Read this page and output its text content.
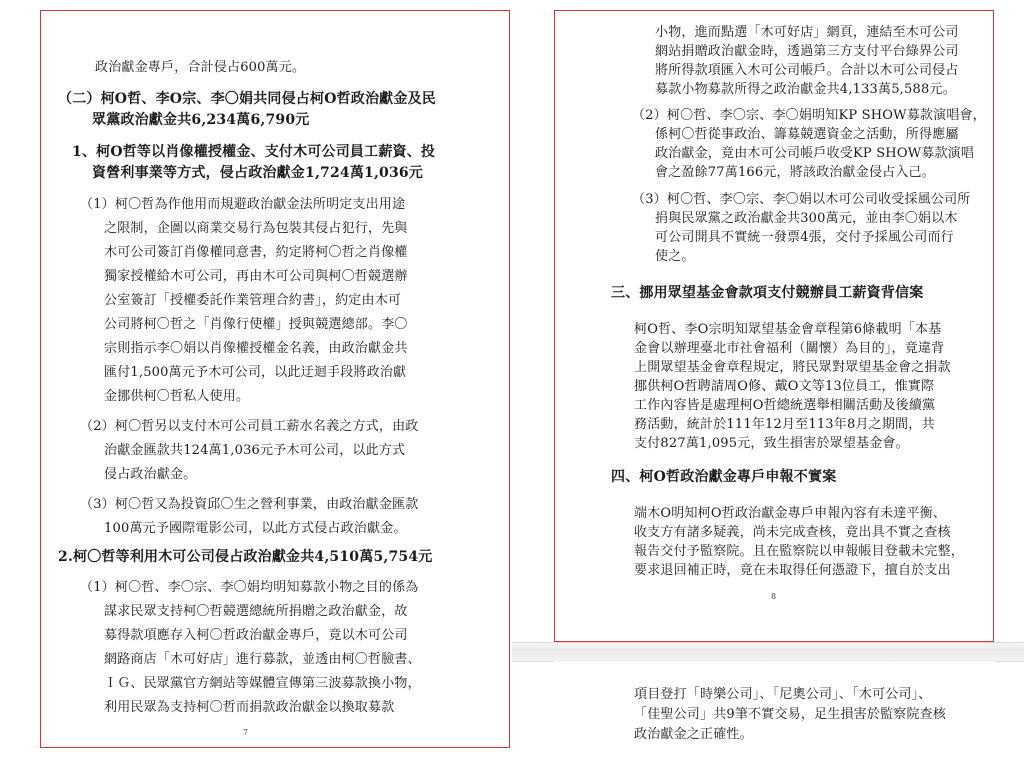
政治獻金專戶，合計侵占600萬元。
（二）柯O哲、李O宗、李〇娟共同侵占柯O哲政治獻金及民
眾黨政治獻金共6,234萬6,790元
1、柯O哲等以肖像權授權金、支付木可公司員工薪資、投
資營利事業等方式，侵占政治獻金1,724萬1,036元
（1）柯〇哲為作他用而規避政治獻金法所明定支出用途
之限制，企圖以商業交易行為包裝其侵占犯行，先與
木可公司簽訂肖像權同意書，約定將柯〇哲之肖像權
獨家授權給木可公司，再由木可公司與柯〇哲競選辦
公室簽訂「授權委託作業管理合約書」，約定由木可
公司將柯〇哲之「肖像行使權」授與競選總部。李〇
宗則指示李〇娟以肖像權授權金名義，由政治獻金共
匯付1,500萬元予木可公司，以此迂迴手段將政治獻
金挪供柯〇哲私人使用。
（2）柯〇哲另以支付木可公司員工薪水名義之方式，由政
治獻金匯款共124萬1,036元予木可公司，以此方式
侵占政治獻金。
（3）柯〇哲又為投資邱〇生之營利事業，由政治獻金匯款
100萬元予國際電影公司，以此方式侵占政治獻金。
2.柯〇哲等利用木可公司侵占政治獻金共4,510萬5,754元
（1）柯〇哲、李〇宗、李〇娟均明知募款小物之目的係為
謀求民眾支持柯〇哲競選總統所捐贈之政治獻金，故
募得款項應存入柯〇哲政治獻金專戶，竟以木可公司
網路商店「木可好店」進行募款，並透由柯〇哲臉書、
ＩＧ、民眾黨官方網站等媒體宣傳第三波募款換小物，
利用民眾為支持柯〇哲而捐款政治獻金以換取募款
7
小物，進而點選「木可好店」網頁，連結至木可公司
網站捐贈政治獻金時，透過第三方支付平台綠界公司
將所得款項匯入木可公司帳戶。合計以木可公司侵占
募款小物募款所得之政治獻金共4,133萬5,588元。
（2）柯〇哲、李〇宗、李〇娟明知KP SHOW募款演唱會，
係柯〇哲從事政治、籌募競選資金之活動，所得應屬
政治獻金，竟由木可公司帳戶收受KP SHOW募款演唱
會之盈餘77萬166元，將該政治獻金侵占入己。
（3）柯〇哲、李〇宗、李〇娟以木可公司收受採風公司所
捐與民眾黨之政治獻金共300萬元，並由李〇娟以木
可公司開具不實統一發票4張，交付予採風公司而行
使之。
三、挪用眾望基金會款項支付競辦員工薪資背信案
柯O哲、李O宗明知眾望基金會章程第6條載明「本基
金會以辦理臺北市社會福利（關懷）為目的」，竟違背
上開眾望基金會章程規定，將民眾對眾望基金會之捐款
挪供柯O哲聘請周O修、戴O文等13位員工，惟實際
工作內容皆是處理柯O哲總統選舉相關活動及後續黨
務活動，統計於111年12月至113年8月之期間，共
支付827萬1,095元，致生損害於眾望基金會。
四、柯O哲政治獻金專戶申報不實案
端木O明知柯O哲政治獻金專戶申報內容有未達平衡、
收支方有諸多疑義，尚未完成查核，竟出具不實之查核
報告交付予監察院。且在監察院以申報帳目登載未完整，
要求退回補正時，竟在未取得任何憑證下，擅自於支出
8
項目登打「時樂公司」、「尼奧公司」、「木可公司」、
「佳聖公司」共9筆不實交易，足生損害於監察院查核
政治獻金之正確性。
